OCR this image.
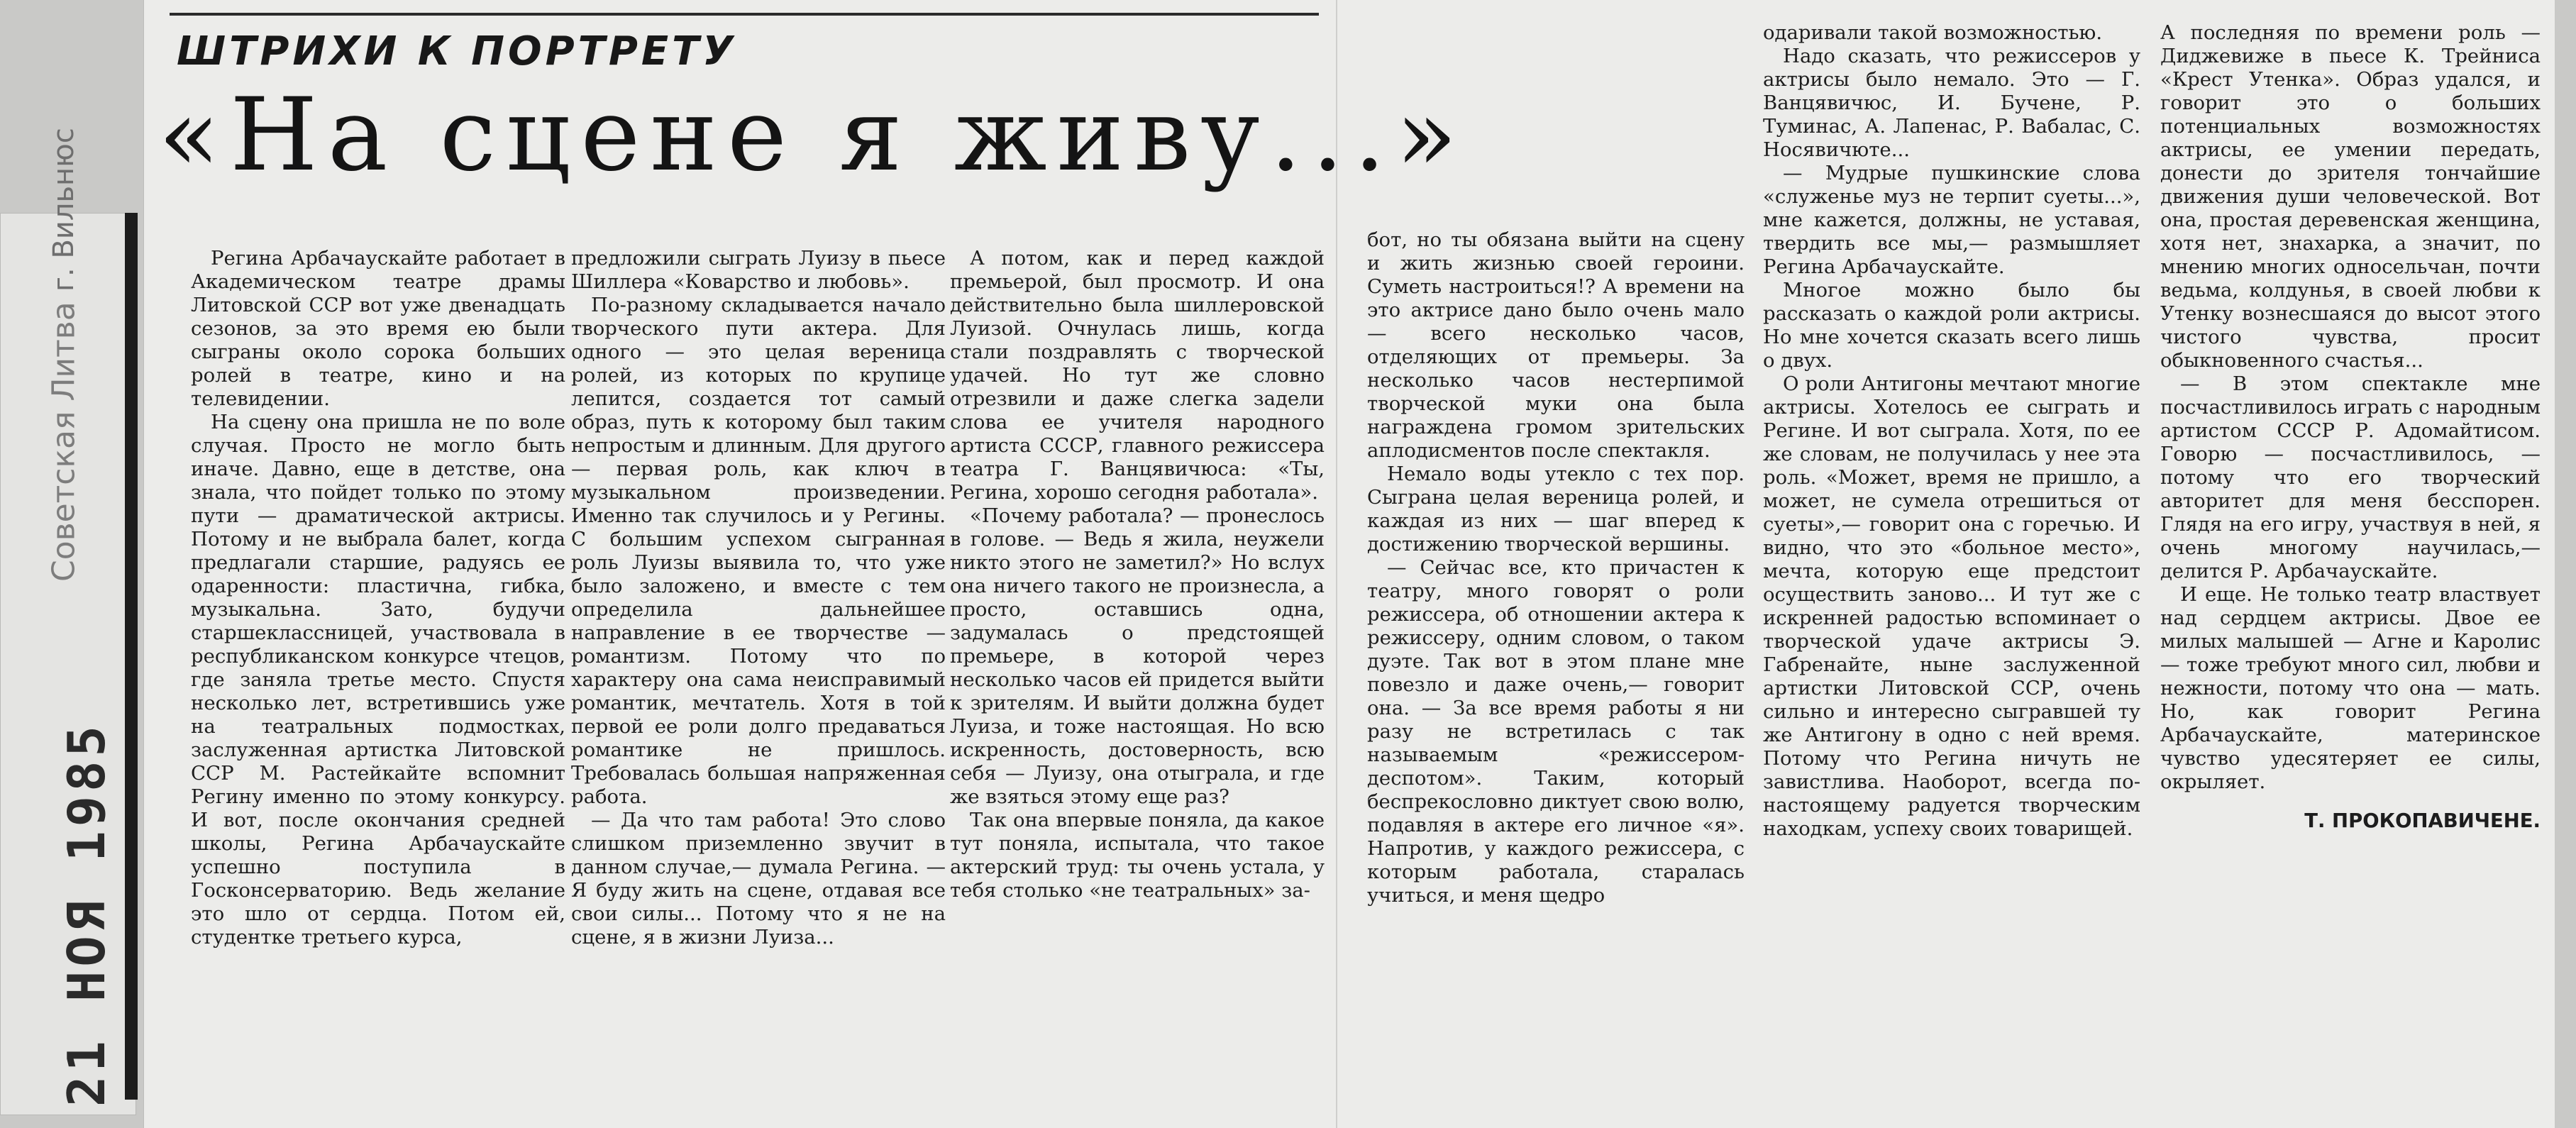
Советская Литва
г. Вильнюс
21 НОЯ 1985
ШТРИХИ К ПОРТРЕТУ
«На сцене я живу...»

Регина Арбачаускайте работает в Академическом театре драмы Литовской ССР вот уже двенадцать сезонов, за это время ею были сыграны около сорока больших ролей в театре, кино и на телевидении.

На сцену она пришла не по воле случая. Просто не могло быть иначе. Давно, еще в детстве, она знала, что пойдет только по этому пути — драматической актрисы. Потому и не выбрала балет, когда предлагали старшие, радуясь ее одаренности: пластична, гибка, музыкальна. Зато, будучи старшеклассницей, участвовала в республиканском конкурсе чтецов, где заняла третье место. Спустя несколько лет, встретившись уже на театральных подмостках, заслуженная артистка Литовской ССР М. Растейкайте вспомнит Регину именно по этому конкурсу. И вот, после окончания средней школы, Регина Арбачаускайте успешно поступила в Госконсерваторию. Ведь желание это шло от сердца. Потом ей, студентке третьего курса,

предложили сыграть Луизу в пьесе Шиллера «Коварство и любовь».

По-разному складывается начало творческого пути актера. Для одного — это целая вереница ролей, из которых по крупице лепится, создается тот самый образ, путь к которому был таким непростым и длинным. Для другого — первая роль, как ключ в музыкальном произведении. Именно так случилось и у Регины. С большим успехом сыгранная роль Луизы выявила то, что уже было заложено, и вместе с тем определила дальнейшее направление в ее творчестве — романтизм. Потому что по характеру она сама неисправимый романтик, мечтатель. Хотя в той первой ее роли долго предаваться романтике не пришлось. Требовалась большая напряженная работа.

— Да что там работа! Это слово слишком приземленно звучит в данном случае,— думала Регина. — Я буду жить на сцене, отдавая все свои силы... Потому что я не на сцене, я в жизни Луиза...

А потом, как и перед каждой премьерой, был просмотр. И она действительно была шиллеровской Луизой. Очнулась лишь, когда стали поздравлять с творческой удачей. Но тут же словно отрезвили и даже слегка задели слова ее учителя народного артиста СССР, главного режиссера театра Г. Ванцявичюса: «Ты, Регина, хорошо сегодня работала».

«Почему работала? — пронеслось в голове. — Ведь я жила, неужели никто этого не заметил?» Но вслух она ничего такого не произнесла, а просто, оставшись одна, задумалась о предстоящей премьере, в которой через несколько часов ей придется выйти к зрителям. И выйти должна будет Луиза, и тоже настоящая. Но всю искренность, достоверность, всю себя — Луизу, она отыграла, и где же взяться этому еще раз?

Так она впервые поняла, да какое тут поняла, испытала, что такое актерский труд: ты очень устала, у тебя столько «не театральных» за-

бот, но ты обязана выйти на сцену и жить жизнью своей героини. Суметь настроиться!? А времени на это актрисе дано было очень мало — всего несколько часов, отделяющих от премьеры. За несколько часов нестерпимой творческой муки она была награждена громом зрительских аплодисментов после спектакля.

Немало воды утекло с тех пор. Сыграна целая вереница ролей, и каждая из них — шаг вперед к достижению творческой вершины.

— Сейчас все, кто причастен к театру, много говорят о роли режиссера, об отношении актера к режиссеру, одним словом, о таком дуэте. Так вот в этом плане мне повезло и даже очень,— говорит она. — За все время работы я ни разу не встретилась с так называемым «режиссером-деспотом». Таким, который беспрекословно диктует свою волю, подавляя в актере его личное «я». Напротив, у каждого режиссера, с которым работала, старалась учиться, и меня щедро

одаривали такой возможностью.

Надо сказать, что режиссеров у актрисы было немало. Это — Г. Ванцявичюс, И. Бучене, Р. Туминас, А. Лапенас, Р. Вабалас, С. Носявичюте...

— Мудрые пушкинские слова «служенье муз не терпит суеты...», мне кажется, должны, не уставая, твердить все мы,— размышляет Регина Арбачаускайте.

Многое можно было бы рассказать о каждой роли актрисы. Но мне хочется сказать всего лишь о двух.

О роли Антигоны мечтают многие актрисы. Хотелось ее сыграть и Регине. И вот сыграла. Хотя, по ее же словам, не получилась у нее эта роль. «Может, время не пришло, а может, не сумела отрешиться от суеты»,— говорит она с горечью. И видно, что это «больное место», мечта, которую еще предстоит осуществить заново... И тут же с искренней радостью вспоминает о творческой удаче актрисы Э. Габренайте, ныне заслуженной артистки Литовской ССР, очень сильно и интересно сыгравшей ту же Антигону в одно с ней время. Потому что Регина ничуть не завистлива. Наоборот, всегда по-настоящему радуется творческим находкам, успеху своих товарищей.

А последняя по времени роль — Диджевижe в пьесе К. Трейниса «Крест Утенка». Образ удался, и говорит это о больших потенциальных возможностях актрисы, ее умении передать, донести до зрителя тончайшие движения души человеческой. Вот она, простая деревенская женщина, хотя нет, знахарка, а значит, по мнению многих односельчан, почти ведьма, колдунья, в своей любви к Утенку вознесшаяся до высот этого чистого чувства, просит обыкновенного счастья...

— В этом спектакле мне посчастливилось играть с народным артистом СССР Р. Адомайтисом. Говорю — посчастливилось, — потому что его творческий авторитет для меня бесспорен. Глядя на его игру, участвуя в ней, я очень многому научилась,— делится Р. Арбачаускайте.

И еще. Не только театр властвует над сердцем актрисы. Двое ее милых малышей — Агне и Каролис — тоже требуют много сил, любви и нежности, потому что она — мать. Но, как говорит Регина Арбачаускайте, материнское чувство удесятеряет ее силы, окрыляет.

Т. ПРОКОПАВИЧЕНЕ.
